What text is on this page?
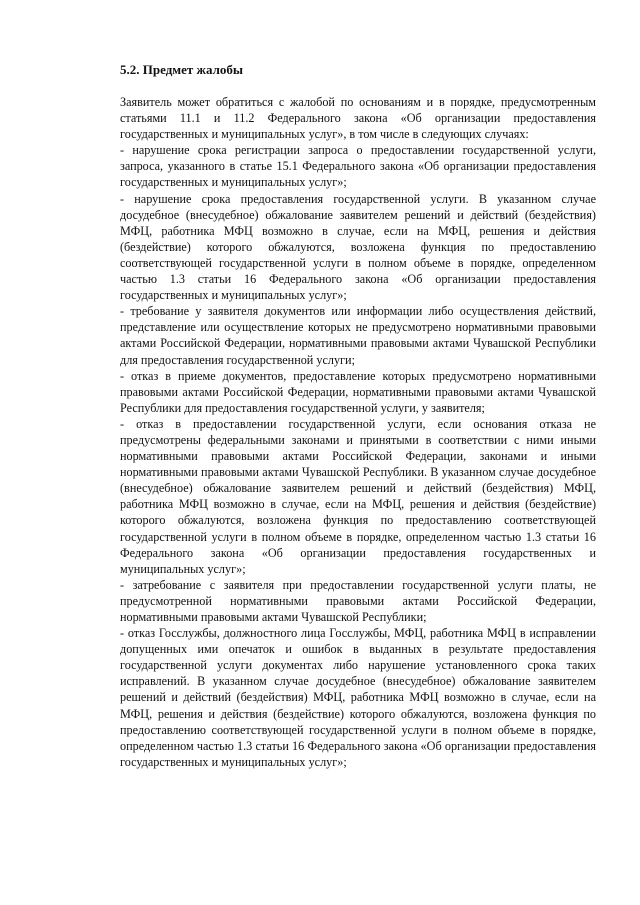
5.2. Предмет жалобы

Заявитель может обратиться с жалобой по основаниям и в порядке, предусмотренным статьями 11.1 и 11.2 Федерального закона «Об организации предоставления государственных и муниципальных услуг», в том числе в следующих случаях:

- нарушение срока регистрации запроса о предоставлении государственной услуги, запроса, указанного в статье 15.1 Федерального закона «Об организации предоставления государственных и муниципальных услуг»;

- нарушение срока предоставления государственной услуги. В указанном случае досудебное (внесудебное) обжалование заявителем решений и действий (бездействия) МФЦ, работника МФЦ возможно в случае, если на МФЦ, решения и действия (бездействие) которого обжалуются, возложена функция по предоставлению соответствующей государственной услуги в полном объеме в порядке, определенном частью 1.3 статьи 16 Федерального закона «Об организации предоставления государственных и муниципальных услуг»;

- требование у заявителя документов или информации либо осуществления действий, представление или осуществление которых не предусмотрено нормативными правовыми актами Российской Федерации, нормативными правовыми актами Чувашской Республики для предоставления государственной услуги;

- отказ в приеме документов, предоставление которых предусмотрено нормативными правовыми актами Российской Федерации, нормативными правовыми актами Чувашской Республики для предоставления государственной услуги, у заявителя;

- отказ в предоставлении государственной услуги, если основания отказа не предусмотрены федеральными законами и принятыми в соответствии с ними иными нормативными правовыми актами Российской Федерации, законами и иными нормативными правовыми актами Чувашской Республики. В указанном случае досудебное (внесудебное) обжалование заявителем решений и действий (бездействия) МФЦ, работника МФЦ возможно в случае, если на МФЦ, решения и действия (бездействие) которого обжалуются, возложена функция по предоставлению соответствующей государственной услуги в полном объеме в порядке, определенном частью 1.3 статьи 16 Федерального закона «Об организации предоставления государственных и муниципальных услуг»;

- затребование с заявителя при предоставлении государственной услуги платы, не предусмотренной нормативными правовыми актами Российской Федерации, нормативными правовыми актами Чувашской Республики;

- отказ Госслужбы, должностного лица Госслужбы, МФЦ, работника МФЦ в исправлении допущенных ими опечаток и ошибок в выданных в результате предоставления государственной услуги документах либо нарушение установленного срока таких исправлений. В указанном случае досудебное (внесудебное) обжалование заявителем решений и действий (бездействия) МФЦ, работника МФЦ возможно в случае, если на МФЦ, решения и действия (бездействие) которого обжалуются, возложена функция по предоставлению соответствующей государственной услуги в полном объеме в порядке, определенном частью 1.3 статьи 16 Федерального закона «Об организации предоставления государственных и муниципальных услуг»;
